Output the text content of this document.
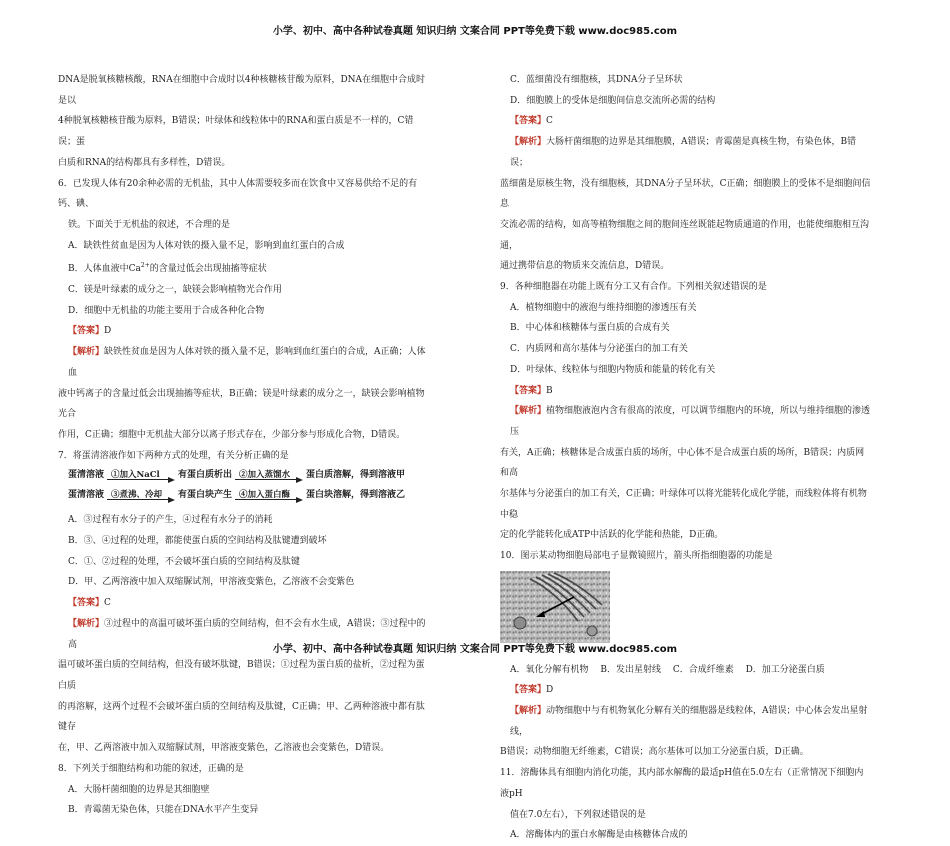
小学、初中、高中各种试卷真题 知识归纳 文案合同 PPT等免费下载 www.doc985.com

DNA是脱氧核糖核酸，RNA在细胞中合成时以4种核糖核苷酸为原料，DNA在细胞中合成时是以

4种脱氧核糖核苷酸为原料，B错误；叶绿体和线粒体中的RNA和蛋白质是不一样的，C错误；蛋

白质和RNA的结构都具有多样性，D错误。

6．已发现人体有20余种必需的无机盐，其中人体需要较多而在饮食中又容易供给不足的有钙、碘、

铁。下面关于无机盐的叙述，不合理的是

A．缺铁性贫血是因为人体对铁的摄入量不足，影响到血红蛋白的合成

B．人体血液中$Ca^{2+}$的含量过低会出现抽搐等症状

C．镁是叶绿素的成分之一，缺镁会影响植物光合作用

D．细胞中无机盐的功能主要用于合成各种化合物

【答案】D

【解析】缺铁性贫血是因为人体对铁的摄入量不足，影响到血红蛋白的合成，A正确；人体血

液中钙离子的含量过低会出现抽搐等症状，B正确；镁是叶绿素的成分之一，缺镁会影响植物光合

作用，C正确；细胞中无机盐大部分以离子形式存在，少部分参与形成化合物，D错误。

7．将蛋清溶液作如下两种方式的处理，有关分析正确的是

蛋清溶液 ①加入NaCl 有蛋白质析出 ②加入蒸馏水 蛋白质溶解，得到溶液甲
蛋清溶液 ③煮沸、冷却 有蛋白块产生 ④加入蛋白酶 蛋白块溶解，得到溶液乙

A．③过程有水分子的产生，④过程有水分子的消耗

B．③、④过程的处理，都能使蛋白质的空间结构及肽键遭到破坏

C．①、②过程的处理，不会破坏蛋白质的空间结构及肽键

D．甲、乙两溶液中加入双缩脲试剂，甲溶液变紫色，乙溶液不会变紫色

【答案】C

【解析】③过程中的高温可破坏蛋白质的空间结构，但不会有水生成，A错误；③过程中的高

温可破坏蛋白质的空间结构，但没有破坏肽键，B错误；①过程为蛋白质的盐析，②过程为蛋白质

的再溶解，这两个过程不会破坏蛋白质的空间结构及肽键，C正确；甲、乙两种溶液中都有肽键存

在，甲、乙两溶液中加入双缩脲试剂，甲溶液变紫色，乙溶液也会变紫色，D错误。

8．下列关于细胞结构和功能的叙述，正确的是

A．大肠杆菌细胞的边界是其细胞壁

B．青霉菌无染色体，只能在DNA水平产生变异

C．蓝细菌没有细胞核，其DNA分子呈环状

D．细胞膜上的受体是细胞间信息交流所必需的结构

【答案】C

【解析】大肠杆菌细胞的边界是其细胞膜，A错误；青霉菌是真核生物，有染色体，B错误；

蓝细菌是原核生物，没有细胞核，其DNA分子呈环状，C正确；细胞膜上的受体不是细胞间信息

交流必需的结构，如高等植物细胞之间的胞间连丝既能起物质通道的作用，也能使细胞相互沟通，

通过携带信息的物质来交流信息，D错误。

9．各种细胞器在功能上既有分工又有合作。下列相关叙述错误的是

A．植物细胞中的液泡与维持细胞的渗透压有关

B．中心体和核糖体与蛋白质的合成有关

C．内质网和高尔基体与分泌蛋白的加工有关

D．叶绿体、线粒体与细胞内物质和能量的转化有关

【答案】B

【解析】植物细胞液泡内含有很高的浓度，可以调节细胞内的环境，所以与维持细胞的渗透压

有关，A正确；核糖体是合成蛋白质的场所，中心体不是合成蛋白质的场所，B错误；内质网和高

尔基体与分泌蛋白的加工有关，C正确；叶绿体可以将光能转化成化学能，而线粒体将有机物中稳

定的化学能转化成ATP中活跃的化学能和热能，D正确。

10．图示某动物细胞局部电子显微镜照片，箭头所指细胞器的功能是

A．氧化分解有机物　 B．发出星射线　 C．合成纤维素　 D．加工分泌蛋白质

【答案】D

【解析】动物细胞中与有机物氧化分解有关的细胞器是线粒体，A错误；中心体会发出星射线，

B错误；动物细胞无纤维素，C错误；高尔基体可以加工分泌蛋白质，D正确。

11．溶酶体具有细胞内消化功能，其内部水解酶的最适pH值在5.0左右（正常情况下细胞内液pH

值在7.0左右），下列叙述错误的是

A．溶酶体内的蛋白水解酶是由核糖体合成的

小学、初中、高中各种试卷真题 知识归纳 文案合同 PPT等免费下载 www.doc985.com
